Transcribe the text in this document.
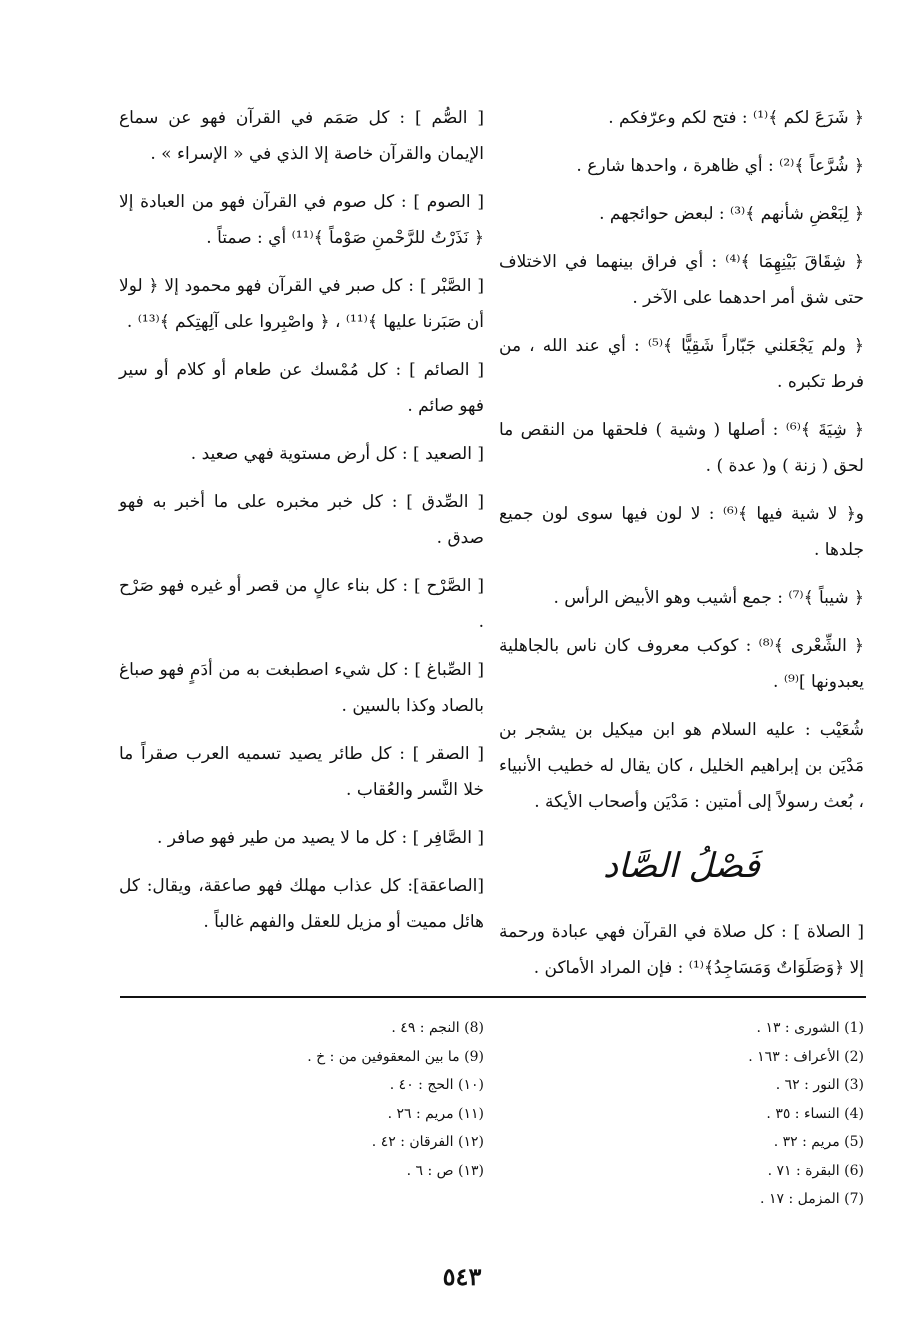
﴿ شَرَعَ لكم ﴾⁽¹⁾ : فتح لكم وعرّفكم .

﴿ شُرَّعاً ﴾⁽²⁾ : أي ظاهرة ، واحدها شارع .

﴿ لِبَعْضِ شأنهم ﴾⁽³⁾ : لبعض حوائجهم .

﴿ شِقَاقَ بَيْنِهِمَا ﴾⁽⁴⁾ : أي فراق بينهما في الاختلاف حتى شق أمر احدهما على الآخر .

﴿ ولم يَجْعَلني جَبّاراً شَقِيًّا ﴾⁽⁵⁾ : أي عند الله ، من فرط تكبره .

﴿ شِيَةَ ﴾⁽⁶⁾ : أصلها ( وشية ) فلحقها من النقص ما لحق ( زنة ) و( عدة ) .

و﴿ لا شية فيها ﴾⁽⁶⁾ : لا لون فيها سوى لون جميع جلدها .

﴿ شيباً ﴾⁽⁷⁾ : جمع أشيب وهو الأبيض الرأس .

﴿ الشِّعْرى ﴾⁽⁸⁾ : كوكب معروف كان ناس بالجاهلية يعبدونها ]⁽⁹⁾ .

شُعَيْب : عليه السلام هو ابن ميكيل بن يشجر بن مَدْيَن بن إبراهيم الخليل ، كان يقال له خطيب الأنبياء ، بُعث رسولاً إلى أمتين : مَدْيَن وأصحاب الأيكة .

فَصْلُ الصَّاد

[ الصلاة ] : كل صلاة في القرآن فهي عبادة ورحمة إلا ﴿وَصَلَوَاتٌ وَمَسَاجِدُ﴾⁽¹⁾ : فإن المراد الأماكن .

[ الصُّم ] : كل صَمَم في القرآن فهو عن سماع الإيمان والقرآن خاصة إلا الذي في « الإسراء » .

[ الصوم ] : كل صوم في القرآن فهو من العبادة إلا ﴿ نَذَرْتُ للرَّحْمنِ صَوْماً ﴾⁽¹¹⁾ أي : صمتاً .

[ الصَّبْر ] : كل صبر في القرآن فهو محمود إلا ﴿ لولا أن صَبَرنا عليها ﴾⁽¹¹⁾ ، ﴿ واصْبِروا على آلِهتِكم ﴾⁽¹³⁾ .

[ الصائم ] : كل مُمْسك عن طعام أو كلام أو سير فهو صائم .

[ الصعيد ] : كل أرض مستوية فهي صعيد .

[ الصِّدق ] : كل خبر مخبره على ما أخبر به فهو صدق .

[ الصَّرْح ] : كل بناء عالٍ من قصر أو غيره فهو صَرْح .

[ الصِّباغ ] : كل شيء اصطبغت به من أدَمٍ فهو صباغ بالصاد وكذا بالسين .

[ الصقر ] : كل طائر يصيد تسميه العرب صقراً ما خلا النَّسر والعُقاب .

[ الصَّافِر ] : كل ما لا يصيد من طير فهو صافر .

[الصاعقة]: كل عذاب مهلك فهو صاعقة، ويقال: كل هائل مميت أو مزيل للعقل والفهم غالباً .

(1) الشورى : ١٣ .
(2) الأعراف : ١٦٣ .
(3) النور : ٦٢ .
(4) النساء : ٣٥ .
(5) مريم : ٣٢ .
(6) البقرة : ٧١ .
(7) المزمل : ١٧ .
(8) النجم : ٤٩ .
(9) ما بين المعقوفين من : خ .
(١٠) الحج : ٤٠ .
(١١) مريم : ٢٦ .
(١٢) الفرقان : ٤٢ .
(١٣) ص : ٦ .
٥٤٣
